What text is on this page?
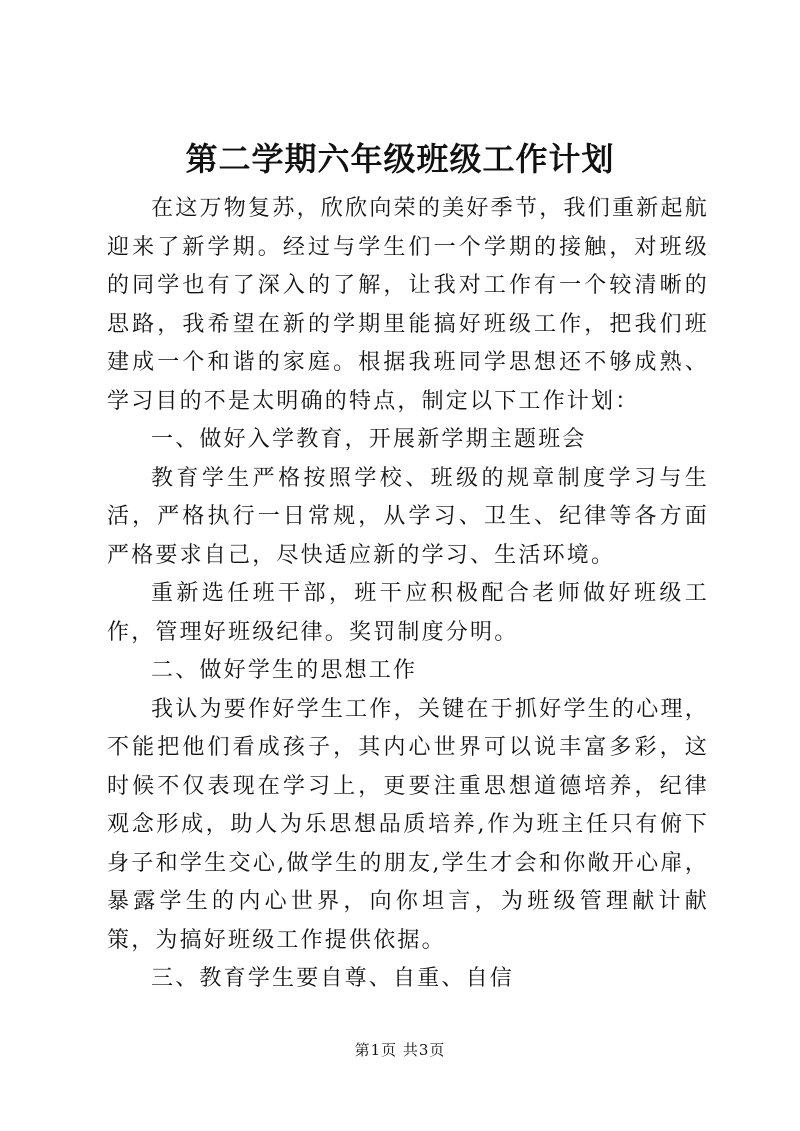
第二学期六年级班级工作计划

在这万物复苏，欣欣向荣的美好季节，我们重新起航迎来了新学期。经过与学生们一个学期的接触，对班级的同学也有了深入的了解，让我对工作有一个较清晰的思路，我希望在新的学期里能搞好班级工作，把我们班建成一个和谐的家庭。根据我班同学思想还不够成熟、学习目的不是太明确的特点，制定以下工作计划：

一、做好入学教育，开展新学期主题班会

教育学生严格按照学校、班级的规章制度学习与生活，严格执行一日常规，从学习、卫生、纪律等各方面严格要求自己，尽快适应新的学习、生活环境。

重新选任班干部，班干应积极配合老师做好班级工作，管理好班级纪律。奖罚制度分明。

二、做好学生的思想工作

我认为要作好学生工作，关键在于抓好学生的心理，不能把他们看成孩子，其内心世界可以说丰富多彩，这时候不仅表现在学习上，更要注重思想道德培养，纪律观念形成，助人为乐思想品质培养,作为班主任只有俯下身子和学生交心,做学生的朋友,学生才会和你敞开心扉，暴露学生的内心世界，向你坦言，为班级管理献计献策，为搞好班级工作提供依据。

三、教育学生要自尊、自重、自信

第1页 共3页
